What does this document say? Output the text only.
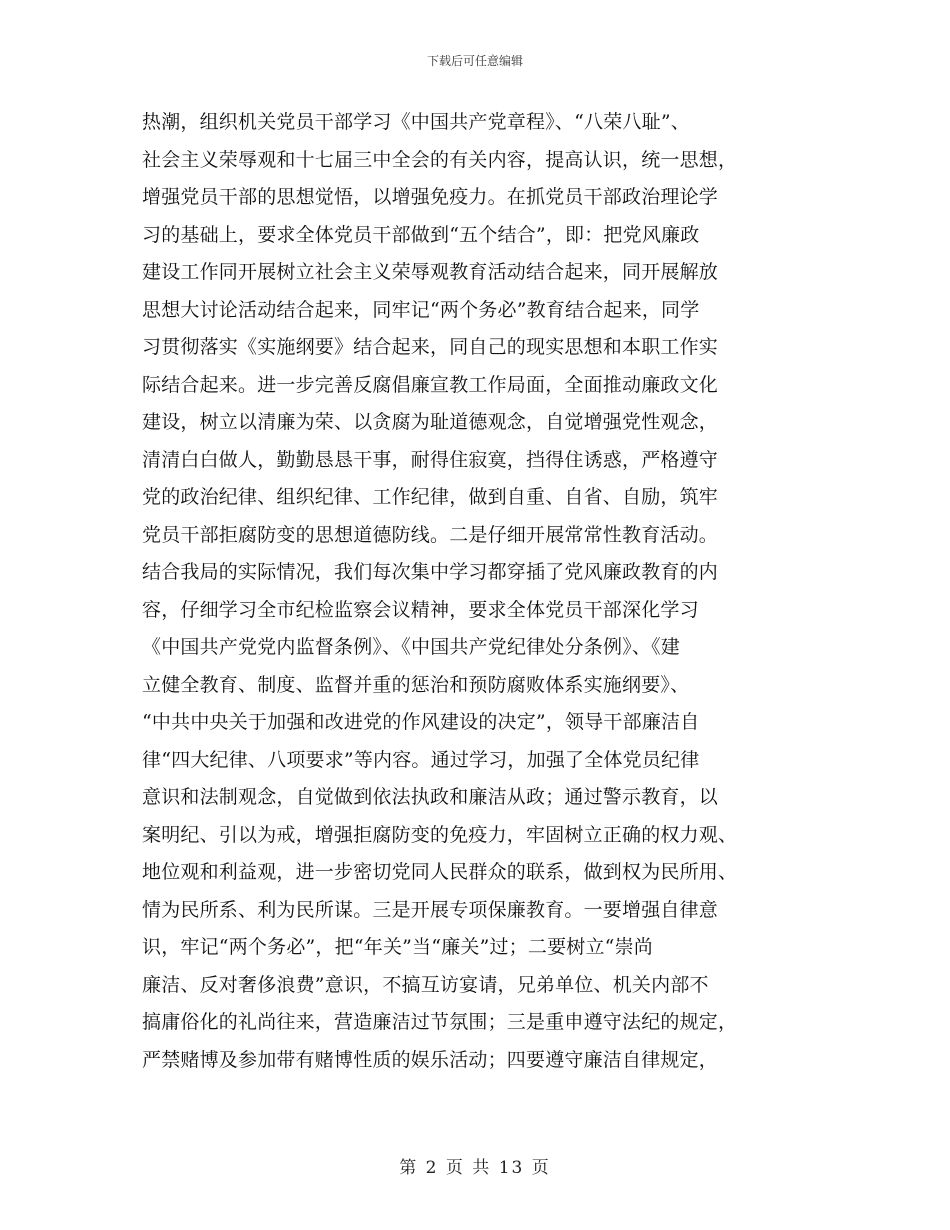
下载后可任意编辑
热潮，组织机关党员干部学习《中国共产党章程》、“八荣八耻”、
社会主义荣辱观和十七届三中全会的有关内容，提高认识，统一思想，
增强党员干部的思想觉悟，以增强免疫力。在抓党员干部政治理论学
习的基础上，要求全体党员干部做到“五个结合”，即：把党风廉政
建设工作同开展树立社会主义荣辱观教育活动结合起来，同开展解放
思想大讨论活动结合起来，同牢记“两个务必”教育结合起来，同学
习贯彻落实《实施纲要》结合起来，同自己的现实思想和本职工作实
际结合起来。进一步完善反腐倡廉宣教工作局面，全面推动廉政文化
建设，树立以清廉为荣、以贪腐为耻道德观念，自觉增强党性观念，
清清白白做人，勤勤恳恳干事，耐得住寂寞，挡得住诱惑，严格遵守
党的政治纪律、组织纪律、工作纪律，做到自重、自省、自励，筑牢
党员干部拒腐防变的思想道德防线。二是仔细开展常常性教育活动。
结合我局的实际情况，我们每次集中学习都穿插了党风廉政教育的内
容，仔细学习全市纪检监察会议精神，要求全体党员干部深化学习
《中国共产党党内监督条例》、《中国共产党纪律处分条例》、《建
立健全教育、制度、监督并重的惩治和预防腐败体系实施纲要》、
“中共中央关于加强和改进党的作风建设的决定”，领导干部廉洁自
律“四大纪律、八项要求”等内容。通过学习，加强了全体党员纪律
意识和法制观念，自觉做到依法执政和廉洁从政；通过警示教育，以
案明纪、引以为戒，增强拒腐防变的免疫力，牢固树立正确的权力观、
地位观和利益观，进一步密切党同人民群众的联系，做到权为民所用、
情为民所系、利为民所谋。三是开展专项保廉教育。一要增强自律意
识，牢记“两个务必”，把“年关”当“廉关”过；二要树立“崇尚
廉洁、反对奢侈浪费”意识，不搞互访宴请，兄弟单位、机关内部不
搞庸俗化的礼尚往来，营造廉洁过节氛围；三是重申遵守法纪的规定，
严禁赌博及参加带有赌博性质的娱乐活动；四要遵守廉洁自律规定，
第 2 页 共 13 页
